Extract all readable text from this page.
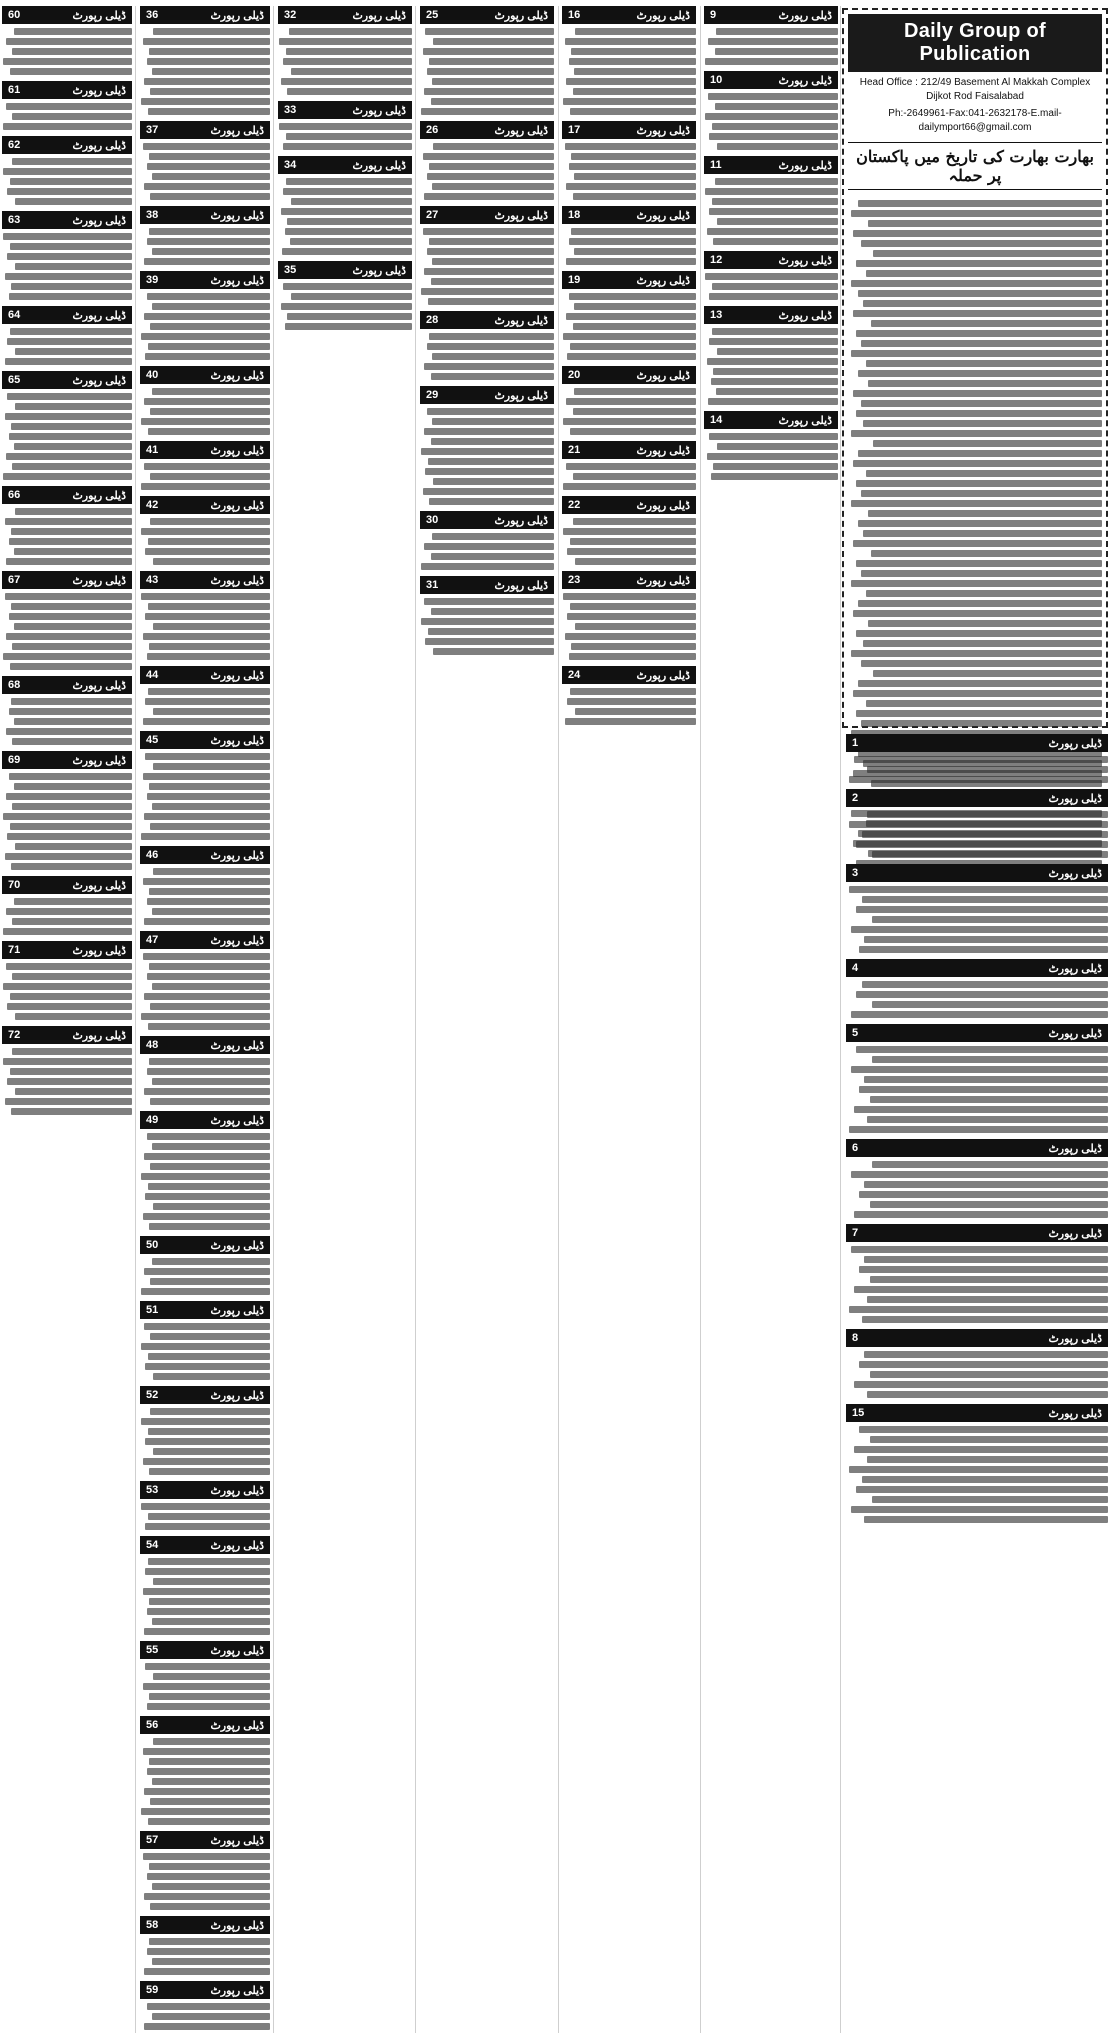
Daily Group of Publication
Head Office : 212/49 Basement Al Makkah Complex Dijkot Rod Faisalabad
Ph:-2649961-Fax:041-2632178-E.mail-dailymport66@gmail.com
بھارت بھارت کی تاریخ میں پاکستان پر حملہ
60	ڈیلی رپورٹ
61	ڈیلی رپورٹ
62	ڈیلی رپورٹ
63	ڈیلی رپورٹ
64	ڈیلی رپورٹ
65	ڈیلی رپورٹ
66	ڈیلی رپورٹ
67	ڈیلی رپورٹ
68	ڈیلی رپورٹ
69	ڈیلی رپورٹ
70	ڈیلی رپورٹ
71	ڈیلی رپورٹ
72	ڈیلی رپورٹ
36	ڈیلی رپورٹ
37	ڈیلی رپورٹ
38	ڈیلی رپورٹ
39	ڈیلی رپورٹ
40	ڈیلی رپورٹ
41	ڈیلی رپورٹ
42	ڈیلی رپورٹ
43	ڈیلی رپورٹ
44	ڈیلی رپورٹ
45	ڈیلی رپورٹ
46	ڈیلی رپورٹ
47	ڈیلی رپورٹ
48	ڈیلی رپورٹ
49	ڈیلی رپورٹ
50	ڈیلی رپورٹ
51	ڈیلی رپورٹ
52	ڈیلی رپورٹ
53	ڈیلی رپورٹ
54	ڈیلی رپورٹ
55	ڈیلی رپورٹ
56	ڈیلی رپورٹ
57	ڈیلی رپورٹ
58	ڈیلی رپورٹ
59	ڈیلی رپورٹ
32	ڈیلی رپورٹ
33	ڈیلی رپورٹ
34	ڈیلی رپورٹ
35	ڈیلی رپورٹ
25	ڈیلی رپورٹ
26	ڈیلی رپورٹ
27	ڈیلی رپورٹ
28	ڈیلی رپورٹ
29	ڈیلی رپورٹ
30	ڈیلی رپورٹ
31	ڈیلی رپورٹ
16	ڈیلی رپورٹ
17	ڈیلی رپورٹ
18	ڈیلی رپورٹ
19	ڈیلی رپورٹ
20	ڈیلی رپورٹ
21	ڈیلی رپورٹ
22	ڈیلی رپورٹ
23	ڈیلی رپورٹ
24	ڈیلی رپورٹ
9	ڈیلی رپورٹ
10	ڈیلی رپورٹ
11	ڈیلی رپورٹ
12	ڈیلی رپورٹ
13	ڈیلی رپورٹ
14	ڈیلی رپورٹ
1	ڈیلی رپورٹ
2	ڈیلی رپورٹ
3	ڈیلی رپورٹ
4	ڈیلی رپورٹ
5	ڈیلی رپورٹ
6	ڈیلی رپورٹ
7	ڈیلی رپورٹ
8	ڈیلی رپورٹ
15	ڈیلی رپورٹ
